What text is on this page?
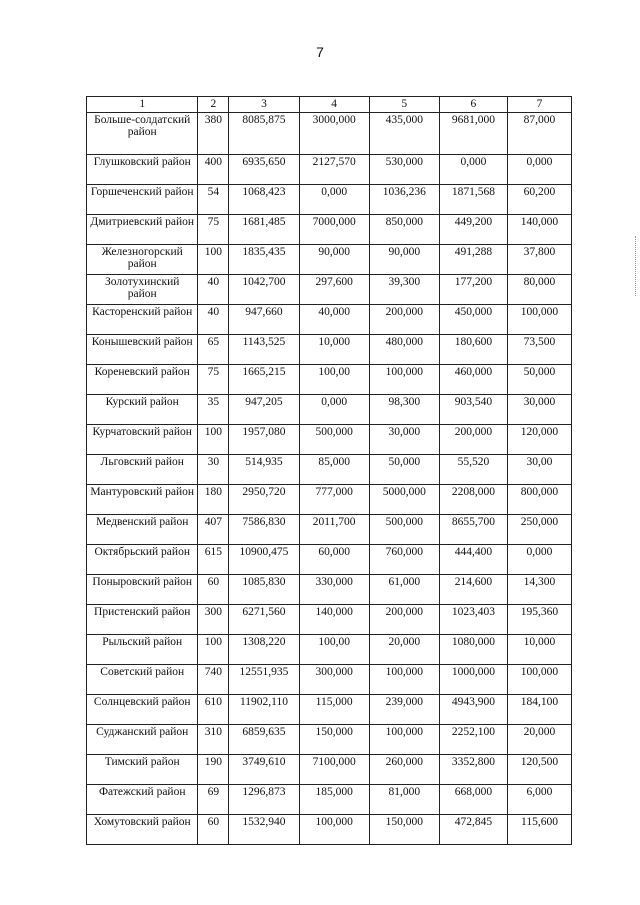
7
1	2	3	4	5	6	7
Больше-солдатский район	380	8085,875	3000,000	435,000	9681,000	87,000
Глушковский район	400	6935,650	2127,570	530,000	0,000	0,000
Горшеченский район	54	1068,423	0,000	1036,236	1871,568	60,200
Дмитриевский район	75	1681,485	7000,000	850,000	449,200	140,000
Железногорский район	100	1835,435	90,000	90,000	491,288	37,800
Золотухинский район	40	1042,700	297,600	39,300	177,200	80,000
Касторенский район	40	947,660	40,000	200,000	450,000	100,000
Конышевский район	65	1143,525	10,000	480,000	180,600	73,500
Кореневский район	75	1665,215	100,00	100,000	460,000	50,000
Курский район	35	947,205	0,000	98,300	903,540	30,000
Курчатовский район	100	1957,080	500,000	30,000	200,000	120,000
Льговский район	30	514,935	85,000	50,000	55,520	30,00
Мантуровский район	180	2950,720	777,000	5000,000	2208,000	800,000
Медвенский район	407	7586,830	2011,700	500,000	8655,700	250,000
Октябрьский район	615	10900,475	60,000	760,000	444,400	0,000
Поныровский район	60	1085,830	330,000	61,000	214,600	14,300
Пристенский район	300	6271,560	140,000	200,000	1023,403	195,360
Рыльский район	100	1308,220	100,00	20,000	1080,000	10,000
Советский район	740	12551,935	300,000	100,000	1000,000	100,000
Солнцевский район	610	11902,110	115,000	239,000	4943,900	184,100
Суджанский район	310	6859,635	150,000	100,000	2252,100	20,000
Тимский район	190	3749,610	7100,000	260,000	3352,800	120,500
Фатежский район	69	1296,873	185,000	81,000	668,000	6,000
Хомутовский район	60	1532,940	100,000	150,000	472,845	115,600
